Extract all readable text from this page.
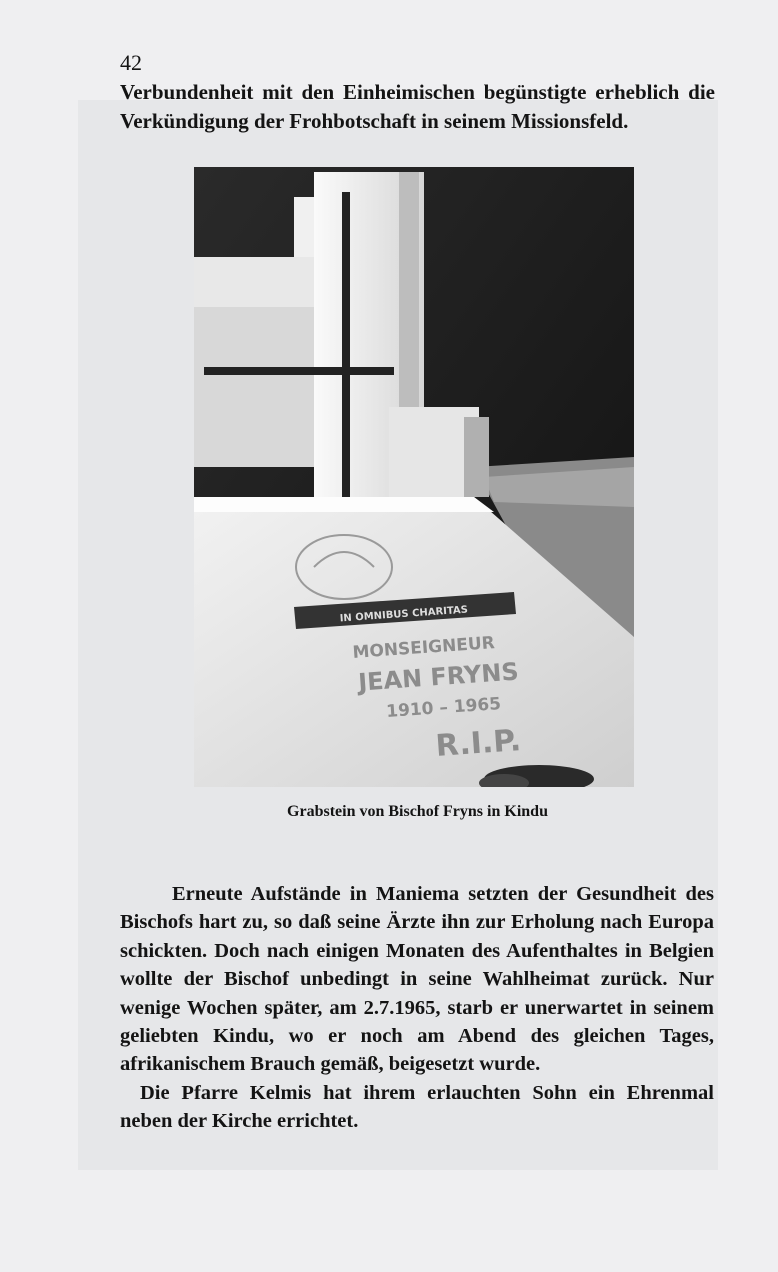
42

Verbundenheit mit den Einheimischen begünstigte erheblich die Verkündigung der Frohbotschaft in seinem Missionsfeld.

IN OMNIBUS CHARITAS
MONSEIGNEUR
JEAN FRYNS
1910 – 1965
R.I.P.
Grabstein von Bischof Fryns in Kindu

Erneute Aufstände in Maniema setzten der Gesundheit des Bischofs hart zu, so daß seine Ärzte ihn zur Erholung nach Europa schickten. Doch nach einigen Monaten des Aufenthaltes in Belgien wollte der Bischof unbedingt in seine Wahlheimat zurück. Nur wenige Wochen später, am 2.7.1965, starb er unerwartet in seinem geliebten Kindu, wo er noch am Abend des gleichen Tages, afrikanischem Brauch gemäß, beigesetzt wurde.

Die Pfarre Kelmis hat ihrem erlauchten Sohn ein Ehrenmal neben der Kirche errichtet.
